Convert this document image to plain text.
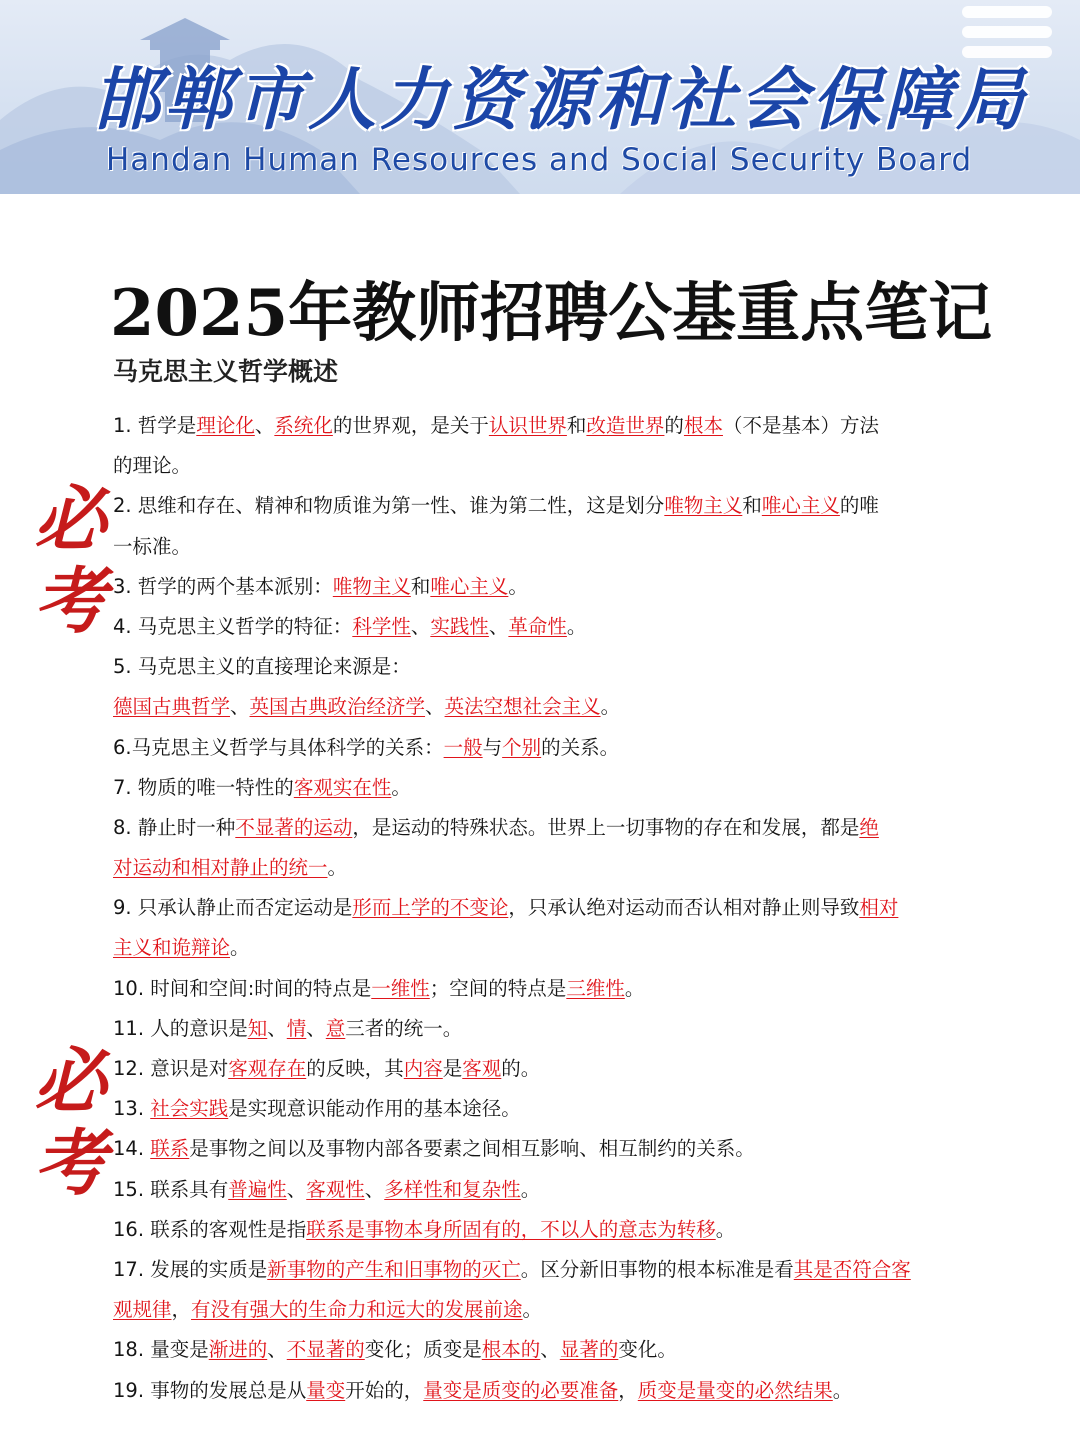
邯郸市人力资源和社会保障局
Handan Human Resources and Social Security Board
2025年教师招聘公基重点笔记
马克思主义哲学概述
必
考
必
考
1. 哲学是理论化、系统化的世界观，是关于认识世界和改造世界的根本（不是基本）方法
的理论。
2. 思维和存在、精神和物质谁为第一性、谁为第二性，这是划分唯物主义和唯心主义的唯
一标准。
3. 哲学的两个基本派别：唯物主义和唯心主义。
4. 马克思主义哲学的特征：科学性、实践性、革命性。
5. 马克思主义的直接理论来源是：
德国古典哲学、英国古典政治经济学、英法空想社会主义。
6.马克思主义哲学与具体科学的关系：一般与个别的关系。
7. 物质的唯一特性的客观实在性。
8. 静止时一种不显著的运动，是运动的特殊状态。世界上一切事物的存在和发展，都是绝
对运动和相对静止的统一。
9. 只承认静止而否定运动是形而上学的不变论，只承认绝对运动而否认相对静止则导致相对
主义和诡辩论。
10. 时间和空间:时间的特点是一维性；空间的特点是三维性。
11. 人的意识是知、情、意三者的统一。
12. 意识是对客观存在的反映，其内容是客观的。
13. 社会实践是实现意识能动作用的基本途径。
14. 联系是事物之间以及事物内部各要素之间相互影响、相互制约的关系。
15. 联系具有普遍性、客观性、多样性和复杂性。
16. 联系的客观性是指联系是事物本身所固有的，不以人的意志为转移。
17. 发展的实质是新事物的产生和旧事物的灭亡。区分新旧事物的根本标准是看其是否符合客
观规律，有没有强大的生命力和远大的发展前途。
18. 量变是渐进的、不显著的变化；质变是根本的、显著的变化。
19. 事物的发展总是从量变开始的，量变是质变的必要准备，质变是量变的必然结果。
